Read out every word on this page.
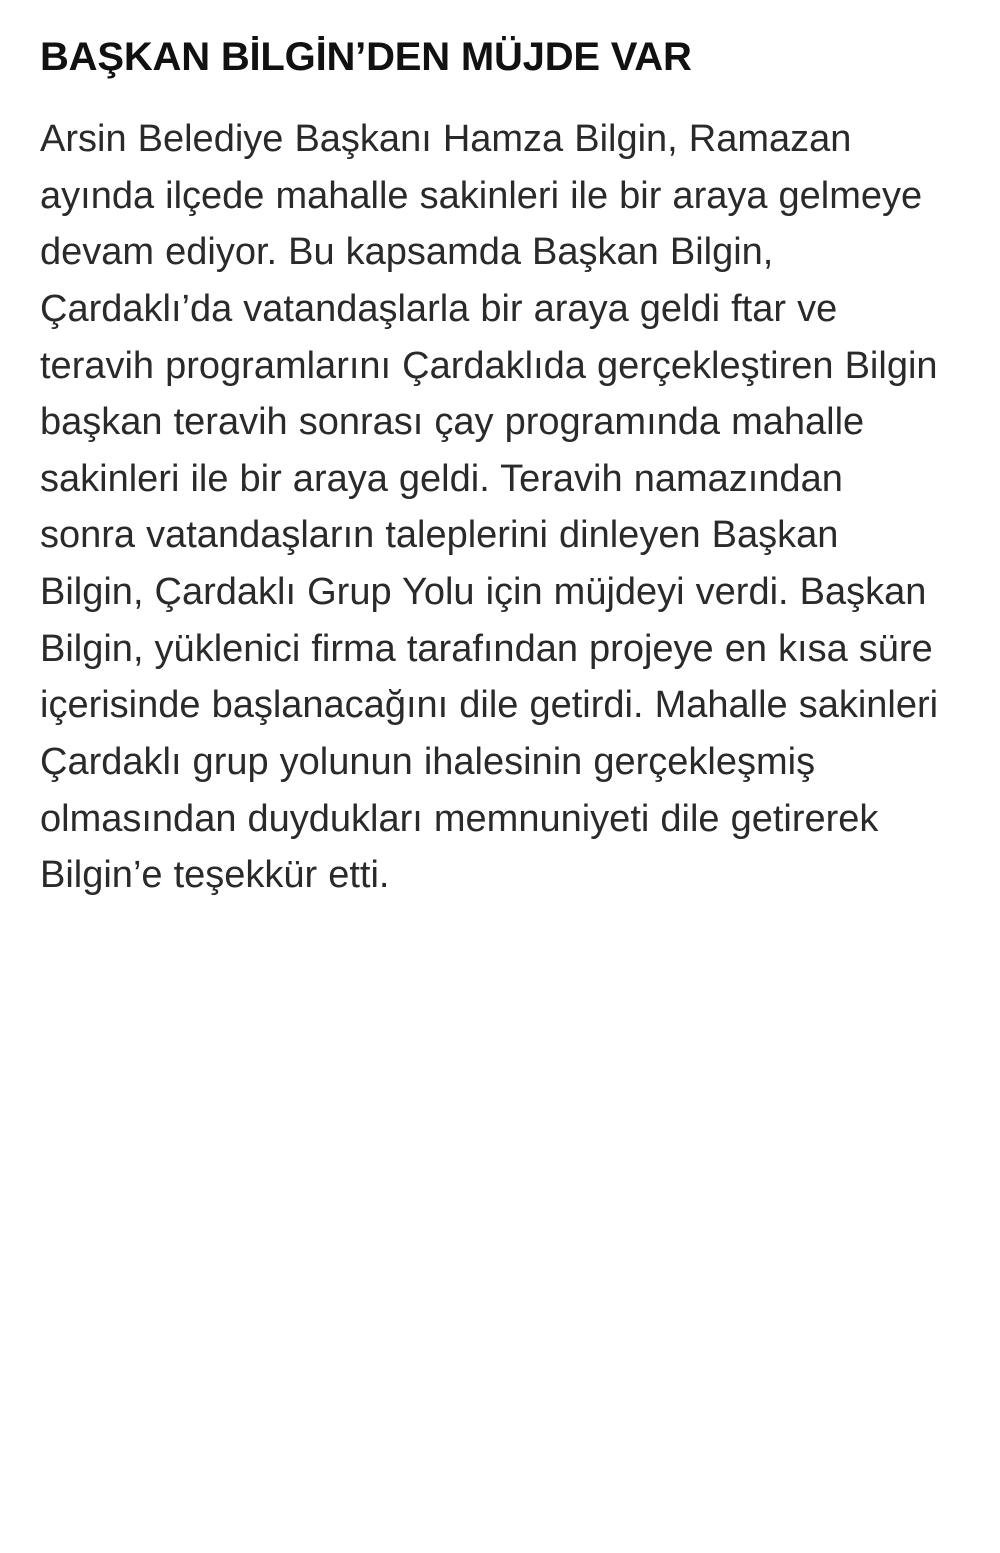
BAŞKAN BİLGİN’DEN MÜJDE VAR

Arsin Belediye Başkanı Hamza Bilgin, Ramazan ayında ilçede mahalle sakinleri ile bir araya gelmeye devam ediyor. Bu kapsamda Başkan Bilgin, Çardaklı’da vatandaşlarla bir araya geldi ftar ve teravih programlarını Çardaklıda gerçekleştiren Bilgin başkan teravih sonrası çay programında mahalle sakinleri ile bir araya geldi. Teravih namazından sonra vatandaşların taleplerini dinleyen Başkan Bilgin, Çardaklı Grup Yolu için müjdeyi verdi. Başkan Bilgin, yüklenici firma tarafından projeye en kısa süre içerisinde başlanacağını dile getirdi. Mahalle sakinleri Çardaklı grup yolunun ihalesinin gerçekleşmiş olmasından duydukları memnuniyeti dile getirerek Bilgin’e teşekkür etti.
